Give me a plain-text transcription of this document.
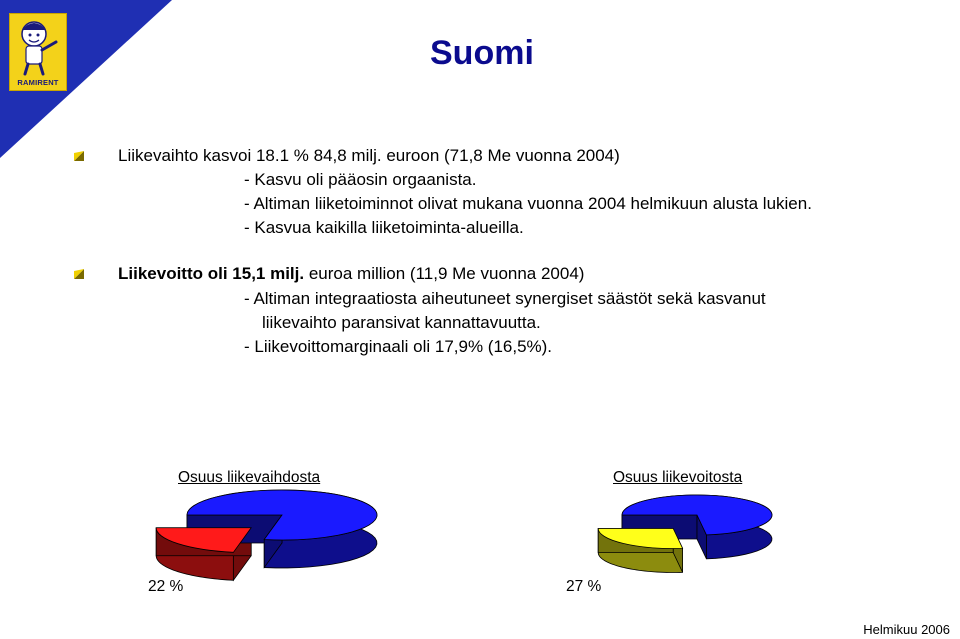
RAMIRENT
Suomi
Liikevaihto kasvoi 18.1 % 84,8 milj. euroon (71,8 Me vuonna 2004)
- Kasvu oli pääosin orgaanista.
- Altiman liiketoiminnot olivat mukana vuonna 2004 helmikuun alusta lukien.
- Kasvua kaikilla liiketoiminta-alueilla.
Liikevoitto oli 15,1 milj. euroa million (11,9 Me vuonna 2004)
- Altiman integraatiosta aiheutuneet synergiset säästöt sekä kasvanut
liikevaihto paransivat kannattavuutta.
- Liikevoittomarginaali oli 17,9% (16,5%).
Osuus liikevaihdosta
22 %
Osuus liikevoitosta
27 %
Helmikuu 2006
